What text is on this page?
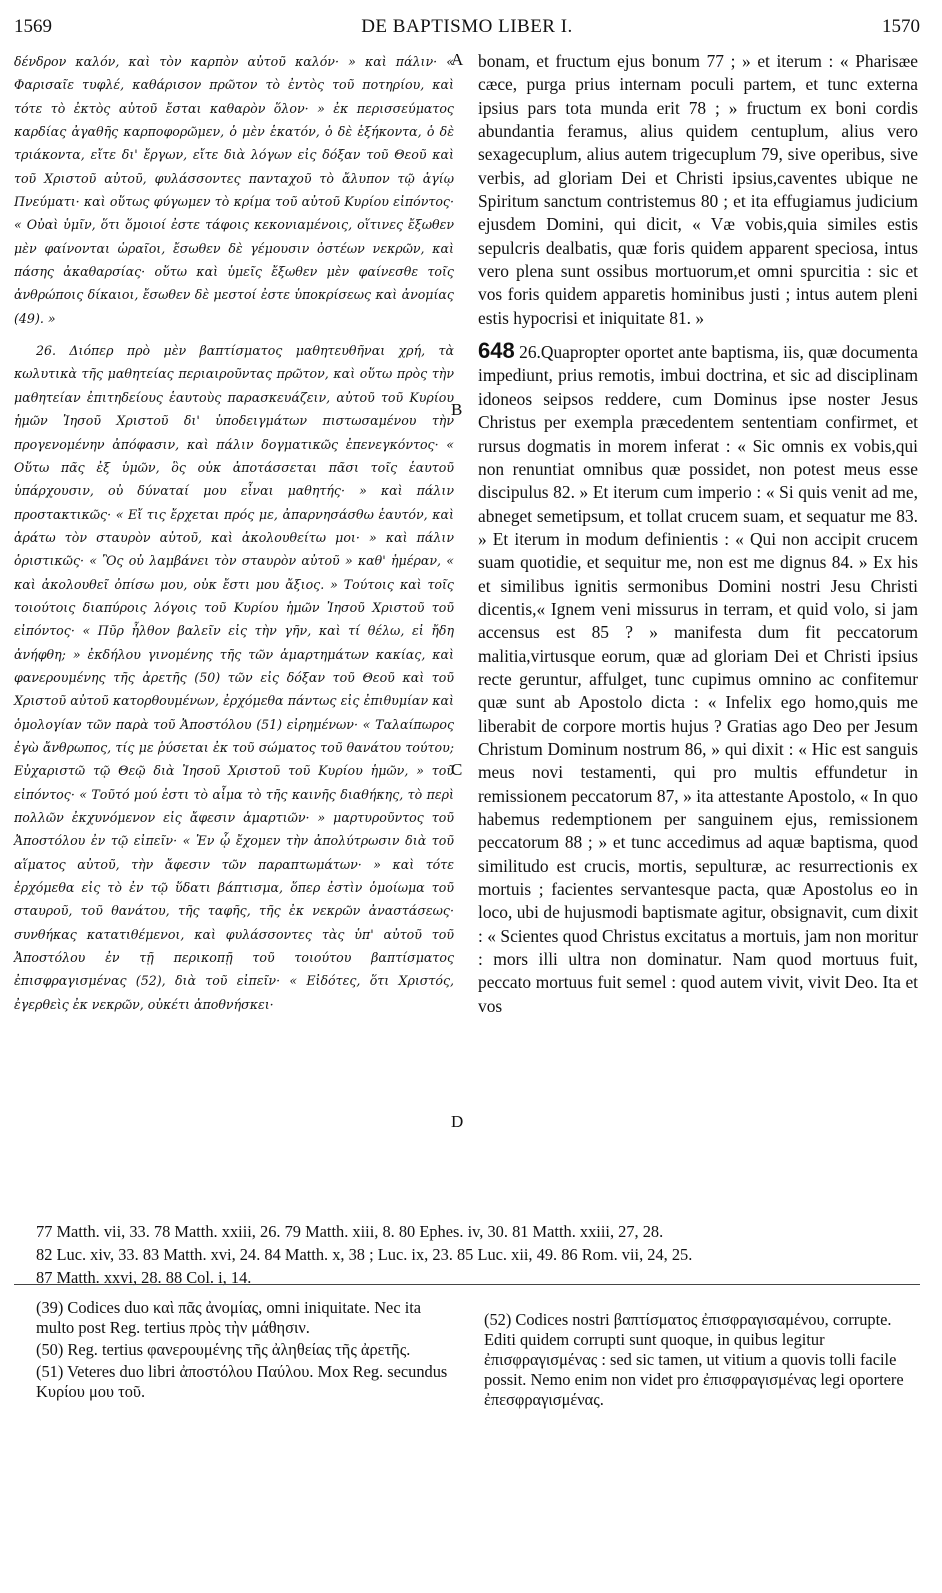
1569	DE BAPTISMO LIBER I.	1570
δένδρον καλόν, καὶ τὸν καρπὸν αὐτοῦ καλόν· » καὶ πάλιν· « Φαρισαῖε τυφλέ, καθάρισον πρῶτον τὸ ἐντὸς τοῦ ποτηρίου, καὶ τότε τὸ ἐκτὸς αὐτοῦ ἔσται καθαρὸν ὅλον· » ἐκ περισσεύματος καρδίας ἀγαθῆς καρποφορῶμεν, ὁ μὲν ἑκατόν, ὁ δὲ ἑξήκοντα, ὁ δὲ τριάκοντα, εἴτε δι' ἔργων, εἴτε διὰ λόγων εἰς δόξαν τοῦ Θεοῦ καὶ τοῦ Χριστοῦ αὐτοῦ, φυλάσσοντες πανταχοῦ τὸ ἄλυπον τῷ ἁγίῳ Πνεύματι· καὶ οὕτως φύγωμεν τὸ κρίμα τοῦ αὐτοῦ Κυρίου εἰπόντος· « Οὐαὶ ὑμῖν, ὅτι ὅμοιοί ἐστε τάφοις κεκονιαμένοις, οἵτινες ἔξωθεν μὲν φαίνονται ὡραῖοι, ἔσωθεν δὲ γέμουσιν ὀστέων νεκρῶν, καὶ πάσης ἀκαθαρσίας· οὕτω καὶ ὑμεῖς ἔξωθεν μὲν φαίνεσθε τοῖς ἀνθρώποις δίκαιοι, ἔσωθεν δὲ μεστοί ἐστε ὑποκρίσεως καὶ ἀνομίας (49). »
26. Διόπερ πρὸ μὲν βαπτίσματος μαθητευθῆναι χρή, τὰ κωλυτικὰ τῆς μαθητείας περιαιροῦντας πρῶτον, καὶ οὕτω πρὸς τὴν μαθητείαν ἐπιτηδείους ἑαυτοὺς παρασκευάζειν, αὐτοῦ τοῦ Κυρίου ἡμῶν Ἰησοῦ Χριστοῦ δι' ὑποδειγμάτων πιστωσαμένου τὴν προγενομένην ἀπόφασιν, καὶ πάλιν δογματικῶς ἐπενεγκόντος· « Οὕτω πᾶς ἐξ ὑμῶν, ὃς οὐκ ἀποτάσσεται πᾶσι τοῖς ἑαυτοῦ ὑπάρχουσιν, οὐ δύναταί μου εἶναι μαθητής· » καὶ πάλιν προστακτικῶς· « Εἴ τις ἔρχεται πρός με, ἀπαρνησάσθω ἑαυτόν, καὶ ἀράτω τὸν σταυρὸν αὐτοῦ, καὶ ἀκολουθείτω μοι· » καὶ πάλιν ὁριστικῶς· « Ὃς οὐ λαμβάνει τὸν σταυρὸν αὐτοῦ » καθ' ἡμέραν, « καὶ ἀκολουθεῖ ὀπίσω μου, οὐκ ἔστι μου ἄξιος. » Τούτοις καὶ τοῖς τοιούτοις διαπύροις λόγοις τοῦ Κυρίου ἡμῶν Ἰησοῦ Χριστοῦ τοῦ εἰπόντος· « Πῦρ ἦλθον βαλεῖν εἰς τὴν γῆν, καὶ τί θέλω, εἰ ἤδη ἀνήφθη; » ἐκδήλου γινομένης τῆς τῶν ἁμαρτημάτων κακίας, καὶ φανερουμένης τῆς ἀρετῆς (50) τῶν εἰς δόξαν τοῦ Θεοῦ καὶ τοῦ Χριστοῦ αὐτοῦ κατορθουμένων, ἐρχόμεθα πάντως εἰς ἐπιθυμίαν καὶ ὁμολογίαν τῶν παρὰ τοῦ Ἀποστόλου (51) εἰρημένων· « Ταλαίπωρος ἐγὼ ἄνθρωπος, τίς με ῥύσεται ἐκ τοῦ σώματος τοῦ θανάτου τούτου; Εὐχαριστῶ τῷ Θεῷ διὰ Ἰησοῦ Χριστοῦ τοῦ Κυρίου ἡμῶν, » τοῦ εἰπόντος· « Τοῦτό μού ἐστι τὸ αἷμα τὸ τῆς καινῆς διαθήκης, τὸ περὶ πολλῶν ἐκχυνόμενον εἰς ἄφεσιν ἁμαρτιῶν· » μαρτυροῦντος τοῦ Ἀποστόλου ἐν τῷ εἰπεῖν· « Ἐν ᾧ ἔχομεν τὴν ἀπολύτρωσιν διὰ τοῦ αἵματος αὐτοῦ, τὴν ἄφεσιν τῶν παραπτωμάτων· » καὶ τότε ἐρχόμεθα εἰς τὸ ἐν τῷ ὕδατι βάπτισμα, ὅπερ ἐστὶν ὁμοίωμα τοῦ σταυροῦ, τοῦ θανάτου, τῆς ταφῆς, τῆς ἐκ νεκρῶν ἀναστάσεως· συνθήκας κατατιθέμενοι, καὶ φυλάσσοντες τὰς ὑπ' αὐτοῦ τοῦ Ἀποστόλου ἐν τῇ περικοπῇ τοῦ τοιούτου βαπτίσματος ἐπισφραγισμένας (52), διὰ τοῦ εἰπεῖν· « Εἰδότες, ὅτι Χριστός, ἐγερθεὶς ἐκ νεκρῶν, οὐκέτι ἀποθνήσκει·
A
B
C
D
bonam, et fructum ejus bonum 77 ; » et iterum : « Pharisæe cæce, purga prius internam poculi partem, et tunc externa ipsius pars tota munda erit 78 ; » fructum ex boni cordis abundantia feramus, alius quidem centuplum, alius vero sexagecuplum, alius autem trigecuplum 79, sive operibus, sive verbis, ad gloriam Dei et Christi ipsius,caventes ubique ne Spiritum sanctum contristemus 80 ; et ita effugiamus judicium ejusdem Domini, qui dicit, « Væ vobis,quia similes estis sepulcris dealbatis, quæ foris quidem apparent speciosa, intus vero plena sunt ossibus mortuorum,et omni spurcitia : sic et vos foris quidem apparetis hominibus justi ; intus autem pleni estis hypocrisi et iniquitate 81. »
648 26.Quapropter oportet ante baptisma, iis, quæ documenta impediunt, prius remotis, imbui doctrina, et sic ad disciplinam idoneos seipsos reddere, cum Dominus ipse noster Jesus Christus per exempla præcedentem sententiam confirmet, et rursus dogmatis in morem inferat : « Sic omnis ex vobis,qui non renuntiat omnibus quæ possidet, non potest meus esse discipulus 82. » Et iterum cum imperio : « Si quis venit ad me, abneget semetipsum, et tollat crucem suam, et sequatur me 83. » Et iterum in modum definientis : « Qui non accipit crucem suam quotidie, et sequitur me, non est me dignus 84. » Ex his et similibus ignitis sermonibus Domini nostri Jesu Christi dicentis,« Ignem veni missurus in terram, et quid volo, si jam accensus est 85 ? » manifesta dum fit peccatorum malitia,virtusque eorum, quæ ad gloriam Dei et Christi ipsius recte geruntur, affulget, tunc cupimus omnino ac confitemur quæ sunt ab Apostolo dicta : « Infelix ego homo,quis me liberabit de corpore mortis hujus ? Gratias ago Deo per Jesum Christum Dominum nostrum 86, » qui dixit : « Hic est sanguis meus novi testamenti, qui pro multis effundetur in remissionem peccatorum 87, » ita attestante Apostolo, « In quo habemus redemptionem per sanguinem ejus, remissionem peccatorum 88 ; » et tunc accedimus ad aquæ baptisma, quod similitudo est crucis, mortis, sepulturæ, ac resurrectionis ex mortuis ; facientes servantesque pacta, quæ Apostolus eo in loco, ubi de hujusmodi baptismate agitur, obsignavit, cum dixit : « Scientes quod Christus excitatus a mortuis, jam non moritur : mors illi ultra non dominatur. Nam quod mortuus fuit, peccato mortuus fuit semel : quod autem vivit, vivit Deo. Ita et vos
77 Matth. vii, 33. 78 Matth. xxiii, 26. 79 Matth. xiii, 8. 80 Ephes. iv, 30. 81 Matth. xxiii, 27, 28.
82 Luc. xiv, 33. 83 Matth. xvi, 24. 84 Matth. x, 38 ; Luc. ix, 23. 85 Luc. xii, 49. 86 Rom. vii, 24, 25.
87 Matth. xxvi, 28. 88 Col. i, 14.

(39) Codices duo καὶ πᾶς ἀνομίας, omni iniquitate. Nec ita multo post Reg. tertius πρὸς τὴν μάθησιν.

(50) Reg. tertius φανερουμένης τῆς ἀληθείας τῆς ἀρετῆς.

(51) Veteres duo libri ἀποστόλου Παύλου. Mox Reg. secundus Κυρίου μου τοῦ.

(52) Codices nostri βαπτίσματος ἐπισφραγισαμένου, corrupte. Editi quidem corrupti sunt quoque, in quibus legitur ἐπισφραγισμένας : sed sic tamen, ut vitium a quovis tolli facile possit. Nemo enim non videt pro ἐπισφραγισμένας legi oportere ἐπεσφραγισμένας.
